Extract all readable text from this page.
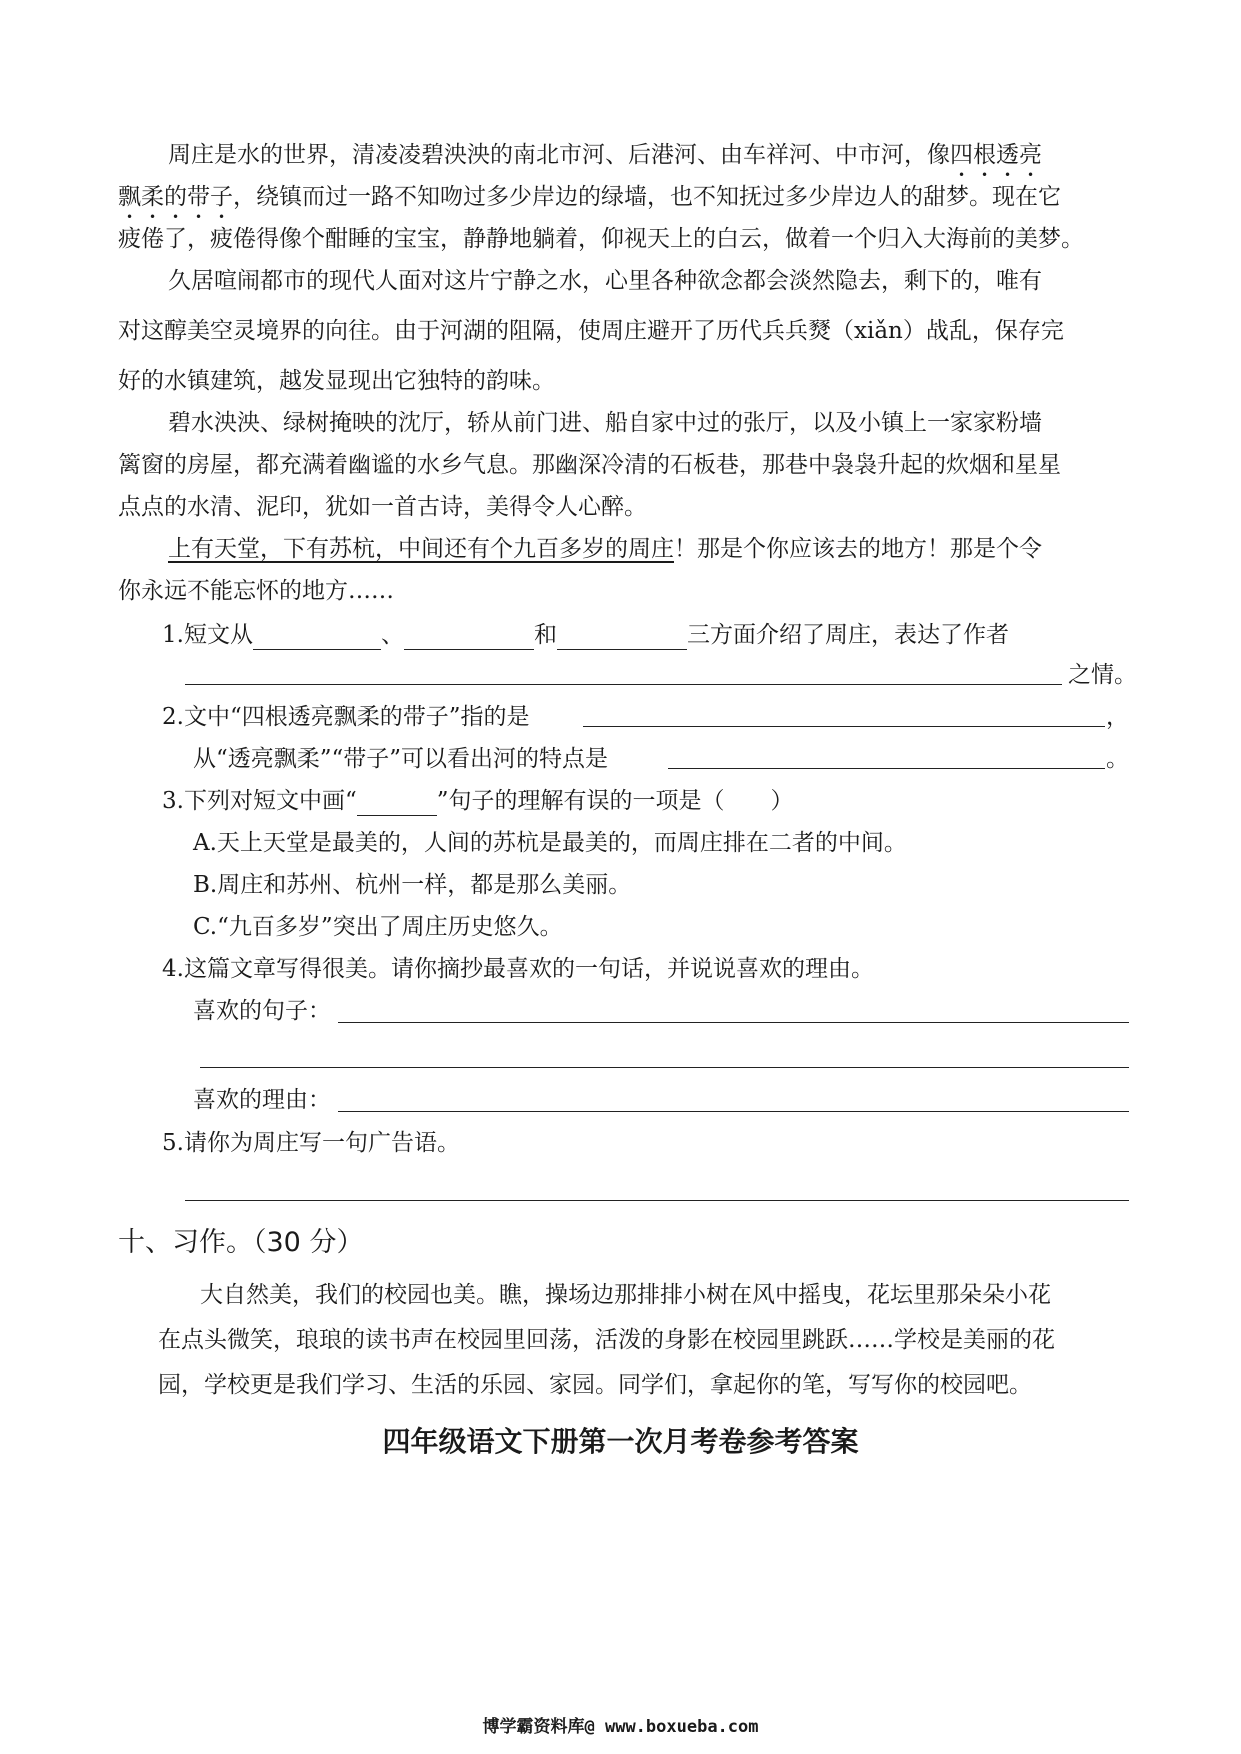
周庄是水的世界，清凌凌碧泱泱的南北市河、后港河、由车祥河、中市河，像四根透亮
飘柔的带子，绕镇而过一路不知吻过多少岸边的绿墙，也不知抚过多少岸边人的甜梦。现在它
疲倦了，疲倦得像个酣睡的宝宝，静静地躺着，仰视天上的白云，做着一个归入大海前的美梦。
久居喧闹都市的现代人面对这片宁静之水，心里各种欲念都会淡然隐去，剩下的，唯有
对这醇美空灵境界的向往。由于河湖的阻隔，使周庄避开了历代兵兵燹（xiǎn）战乱，保存完
好的水镇建筑，越发显现出它独特的韵味。
碧水泱泱、绿树掩映的沈厅，轿从前门进、船自家中过的张厅，以及小镇上一家家粉墙
篱窗的房屋，都充满着幽谧的水乡气息。那幽深冷清的石板巷，那巷中袅袅升起的炊烟和星星
点点的水清、泥印，犹如一首古诗，美得令人心醉。
上有天堂，下有苏杭，中间还有个九百多岁的周庄！那是个你应该去的地方！那是个令
你永远不能忘怀的地方……
1.短文从	、	和	三方面介绍了周庄，表达了作者
之情。
2.文中“四根透亮飘柔的带子”指的是	，
从“透亮飘柔”“带子”可以看出河的特点是	。
3.下列对短文中画“	”句子的理解有误的一项是（　　）
A.天上天堂是最美的，人间的苏杭是最美的，而周庄排在二者的中间。
B.周庄和苏州、杭州一样，都是那么美丽。
C.“九百多岁”突出了周庄历史悠久。
4.这篇文章写得很美。请你摘抄最喜欢的一句话，并说说喜欢的理由。
喜欢的句子：
喜欢的理由：
5.请你为周庄写一句广告语。
十、习作。（30 分）
大自然美，我们的校园也美。瞧，操场边那排排小树在风中摇曳，花坛里那朵朵小花
在点头微笑，琅琅的读书声在校园里回荡，活泼的身影在校园里跳跃……学校是美丽的花
园，学校更是我们学习、生活的乐园、家园。同学们，拿起你的笔，写写你的校园吧。
四年级语文下册第一次月考卷参考答案
博学霸资料库@ www.boxueba.com
